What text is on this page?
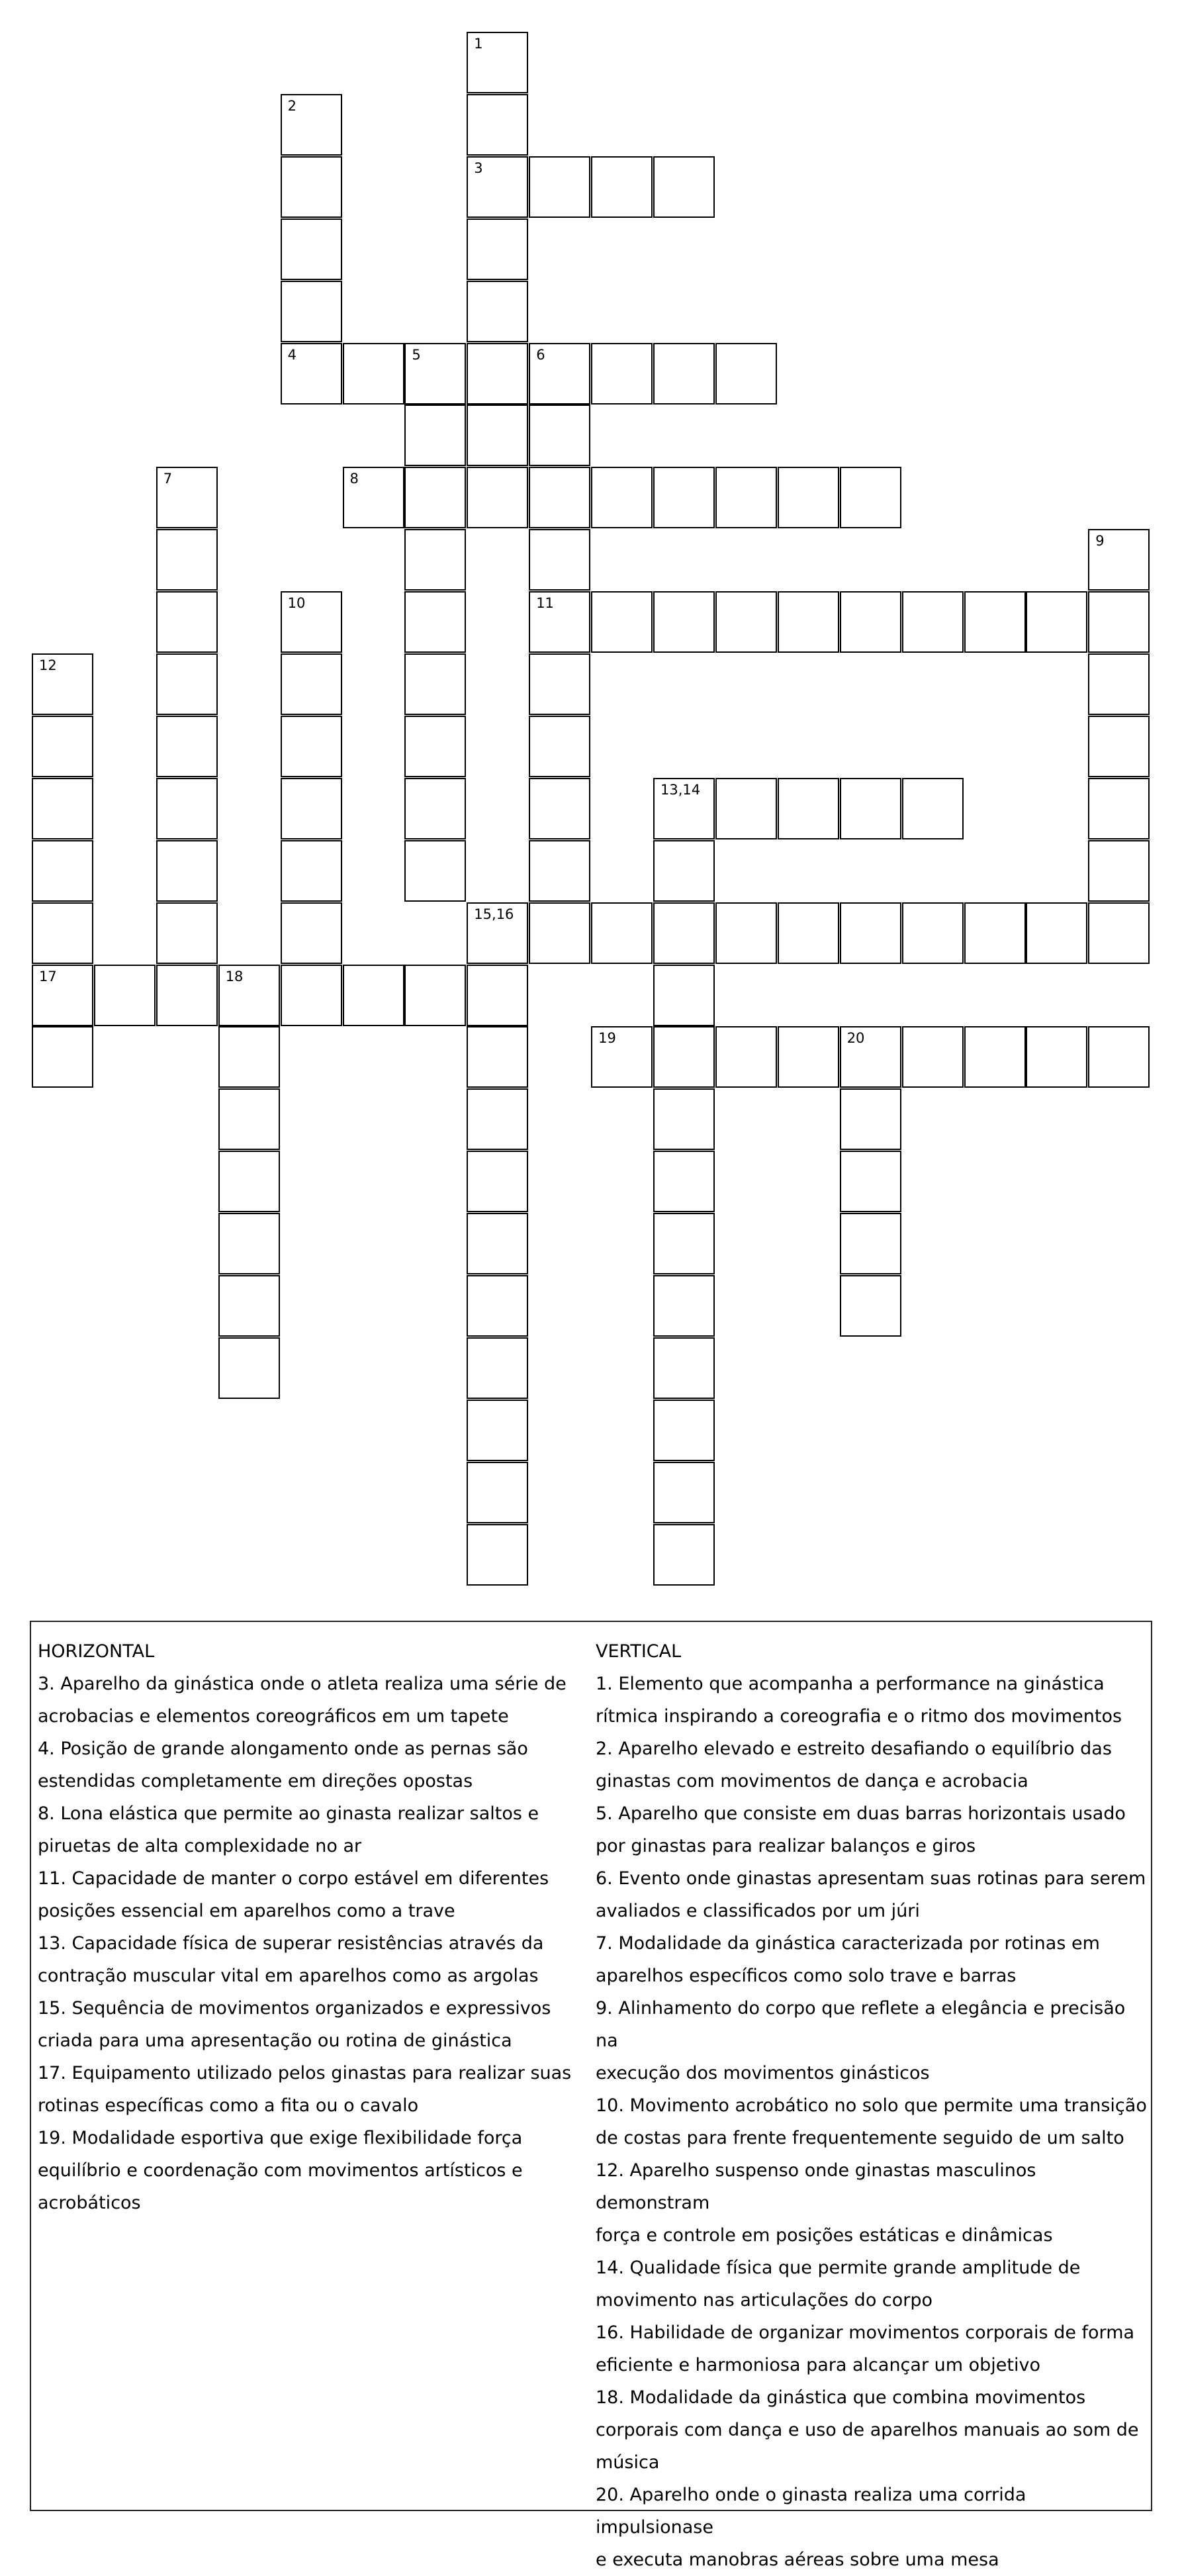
1
3
2
4	5	6
8
11
7
9
10
12
13,14
15,16
17	18
19	20
HORIZONTAL
3. Aparelho da ginástica onde o atleta realiza uma série de
acrobacias e elementos coreográficos em um tapete
4. Posição de grande alongamento onde as pernas são
estendidas completamente em direções opostas
8. Lona elástica que permite ao ginasta realizar saltos e
piruetas de alta complexidade no ar
11. Capacidade de manter o corpo estável em diferentes
posições essencial em aparelhos como a trave
13. Capacidade física de superar resistências através da
contração muscular vital em aparelhos como as argolas
15. Sequência de movimentos organizados e expressivos
criada para uma apresentação ou rotina de ginástica
17. Equipamento utilizado pelos ginastas para realizar suas
rotinas específicas como a fita ou o cavalo
19. Modalidade esportiva que exige flexibilidade força
equilíbrio e coordenação com movimentos artísticos e
acrobáticos
VERTICAL
1. Elemento que acompanha a performance na ginástica
rítmica inspirando a coreografia e o ritmo dos movimentos
2. Aparelho elevado e estreito desafiando o equilíbrio das
ginastas com movimentos de dança e acrobacia
5. Aparelho que consiste em duas barras horizontais usado
por ginastas para realizar balanços e giros
6. Evento onde ginastas apresentam suas rotinas para serem
avaliados e classificados por um júri
7. Modalidade da ginástica caracterizada por rotinas em
aparelhos específicos como solo trave e barras
9. Alinhamento do corpo que reflete a elegância e precisão na
execução dos movimentos ginásticos
10. Movimento acrobático no solo que permite uma transição
de costas para frente frequentemente seguido de um salto
12. Aparelho suspenso onde ginastas masculinos demonstram
força e controle em posições estáticas e dinâmicas
14. Qualidade física que permite grande amplitude de
movimento nas articulações do corpo
16. Habilidade de organizar movimentos corporais de forma
eficiente e harmoniosa para alcançar um objetivo
18. Modalidade da ginástica que combina movimentos
corporais com dança e uso de aparelhos manuais ao som de
música
20. Aparelho onde o ginasta realiza uma corrida impulsionase
e executa manobras aéreas sobre uma mesa
